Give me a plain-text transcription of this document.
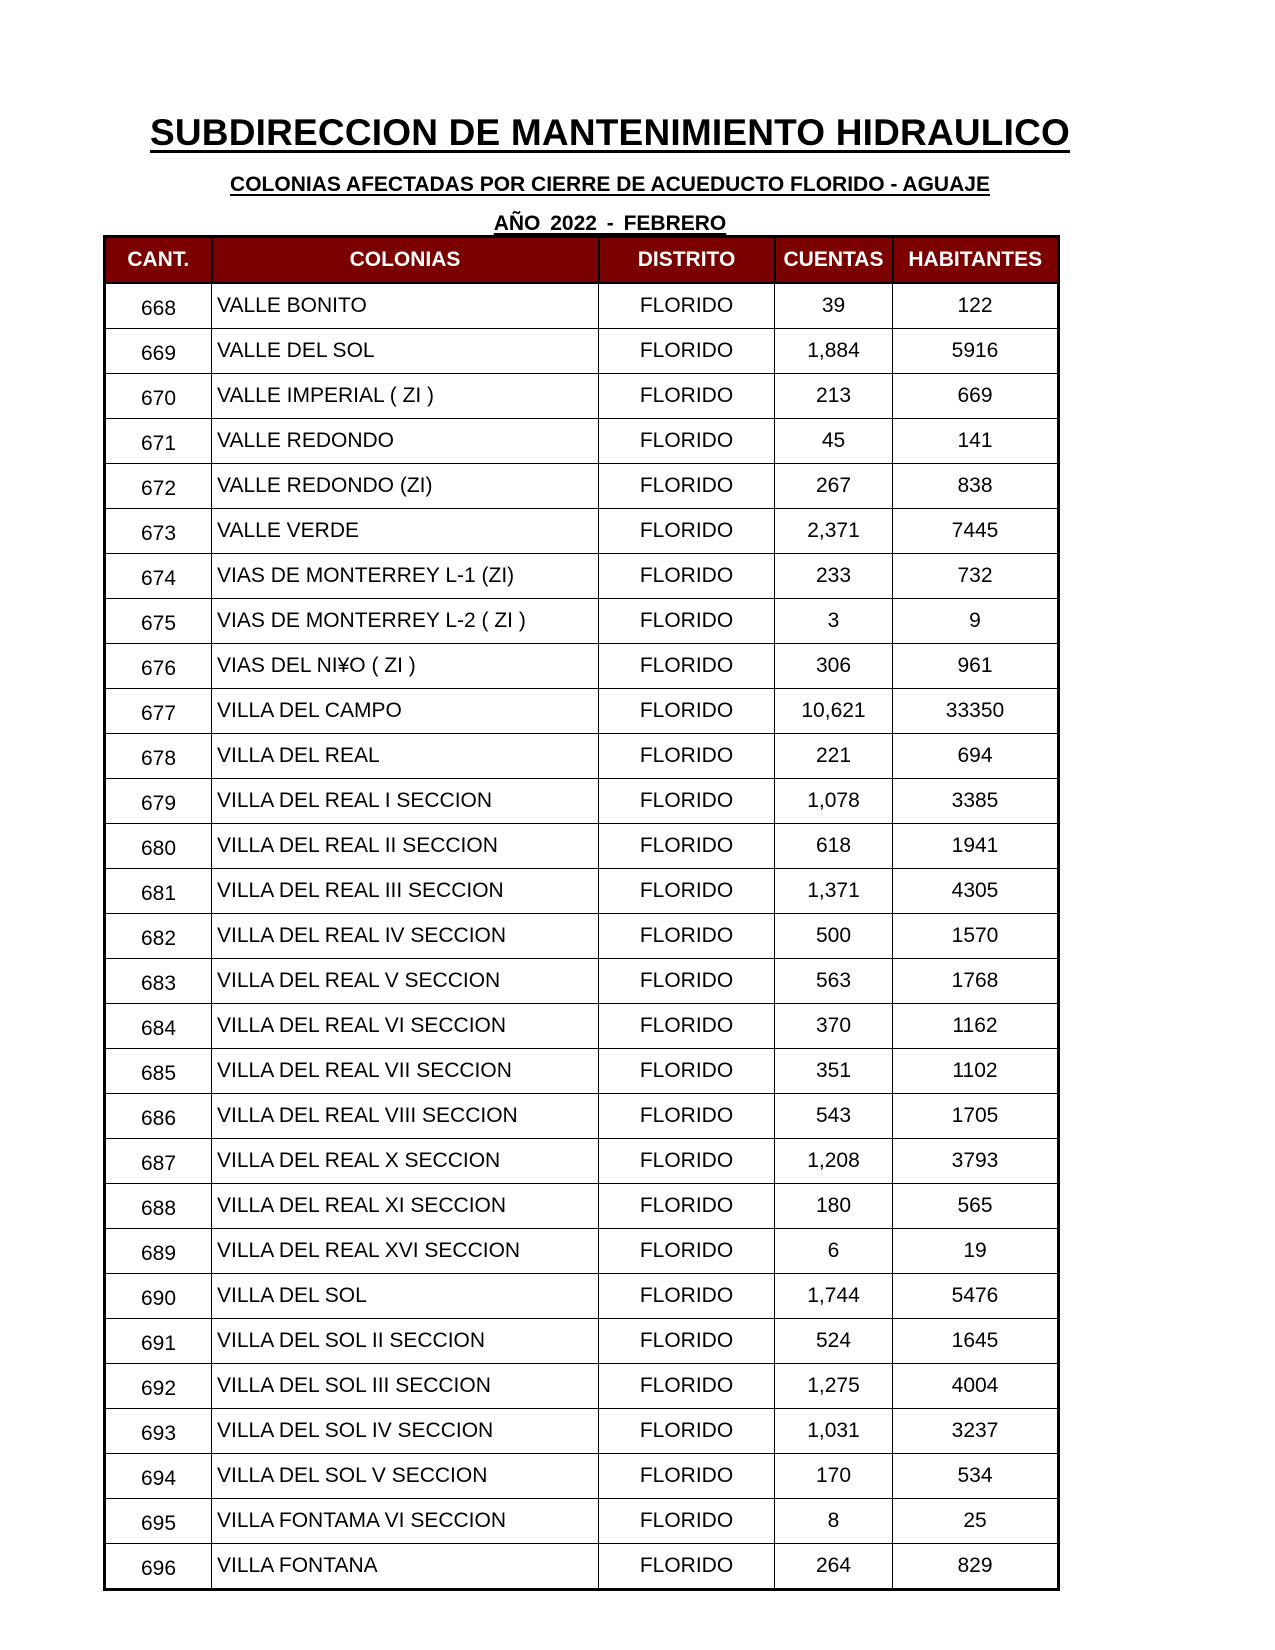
SUBDIRECCION DE MANTENIMIENTO HIDRAULICO
COLONIAS AFECTADAS POR CIERRE DE ACUEDUCTO FLORIDO - AGUAJE
AÑO 2022 - FEBRERO
CANT.	COLONIAS	DISTRITO	CUENTAS	HABITANTES
668	VALLE BONITO	FLORIDO	39	122
669	VALLE DEL SOL	FLORIDO	1,884	5916
670	VALLE IMPERIAL ( ZI )	FLORIDO	213	669
671	VALLE REDONDO	FLORIDO	45	141
672	VALLE REDONDO (ZI)	FLORIDO	267	838
673	VALLE VERDE	FLORIDO	2,371	7445
674	VIAS DE MONTERREY L-1 (ZI)	FLORIDO	233	732
675	VIAS DE MONTERREY L-2 ( ZI )	FLORIDO	3	9
676	VIAS DEL NI¥O ( ZI )	FLORIDO	306	961
677	VILLA DEL CAMPO	FLORIDO	10,621	33350
678	VILLA DEL REAL	FLORIDO	221	694
679	VILLA DEL REAL I SECCION	FLORIDO	1,078	3385
680	VILLA DEL REAL II SECCION	FLORIDO	618	1941
681	VILLA DEL REAL III SECCION	FLORIDO	1,371	4305
682	VILLA DEL REAL IV SECCION	FLORIDO	500	1570
683	VILLA DEL REAL V SECCION	FLORIDO	563	1768
684	VILLA DEL REAL VI SECCION	FLORIDO	370	1162
685	VILLA DEL REAL VII SECCION	FLORIDO	351	1102
686	VILLA DEL REAL VIII SECCION	FLORIDO	543	1705
687	VILLA DEL REAL X SECCION	FLORIDO	1,208	3793
688	VILLA DEL REAL XI SECCION	FLORIDO	180	565
689	VILLA DEL REAL XVI SECCION	FLORIDO	6	19
690	VILLA DEL SOL	FLORIDO	1,744	5476
691	VILLA DEL SOL II SECCION	FLORIDO	524	1645
692	VILLA DEL SOL III SECCION	FLORIDO	1,275	4004
693	VILLA DEL SOL IV SECCION	FLORIDO	1,031	3237
694	VILLA DEL SOL V SECCION	FLORIDO	170	534
695	VILLA FONTAMA VI SECCION	FLORIDO	8	25
696	VILLA FONTANA	FLORIDO	264	829
